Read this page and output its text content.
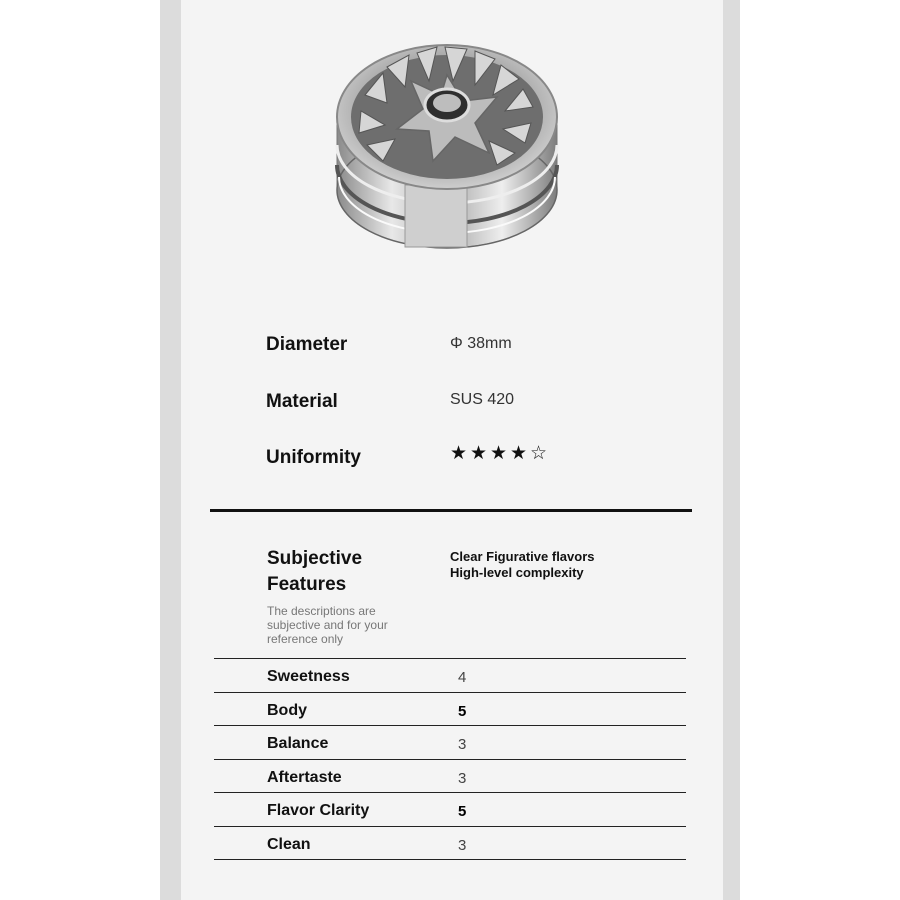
Diameter	Φ 38mm
Material	SUS 420
Uniformity	★ ★ ★ ★ ☆
Subjective Features
The descriptions are subjective and for your reference only
Clear Figurative flavors
High-level complexity
Sweetness	4
Body	5
Balance	3
Aftertaste	3
Flavor Clarity	5
Clean	3
